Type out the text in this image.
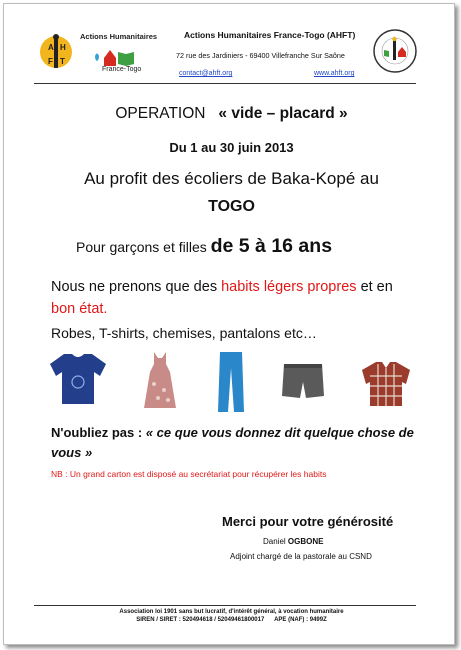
A H
F T
Actions Humanitaires
France-Togo
Actions Humanitaires France-Togo (AHFT)
72 rue des Jardiniers - 69400 Villefranche Sur Saône
contact@ahft.org	www.ahft.org
OPERATION « vide – placard »
Du 1 au 30 juin 2013
Au profit des écoliers de Baka-Kopé au
TOGO
Pour garçons et filles de 5 à 16 ans
Nous ne prenons que des habits légers propres et en
bon état.
Robes, T-shirts, chemises, pantalons etc…
N'oubliez pas : « ce que vous donnez dit quelque chose de vous »
NB : Un grand carton est disposé au secrétariat pour récupérer les habits
Merci pour votre générosité
Daniel OGBONE
Adjoint chargé de la pastorale au CSND
Association loi 1901 sans but lucratif, d'intérêt général, à vocation humanitaire
SIREN / SIRET : 520494618 / 52049461800017      APE (NAF) : 9499Z
